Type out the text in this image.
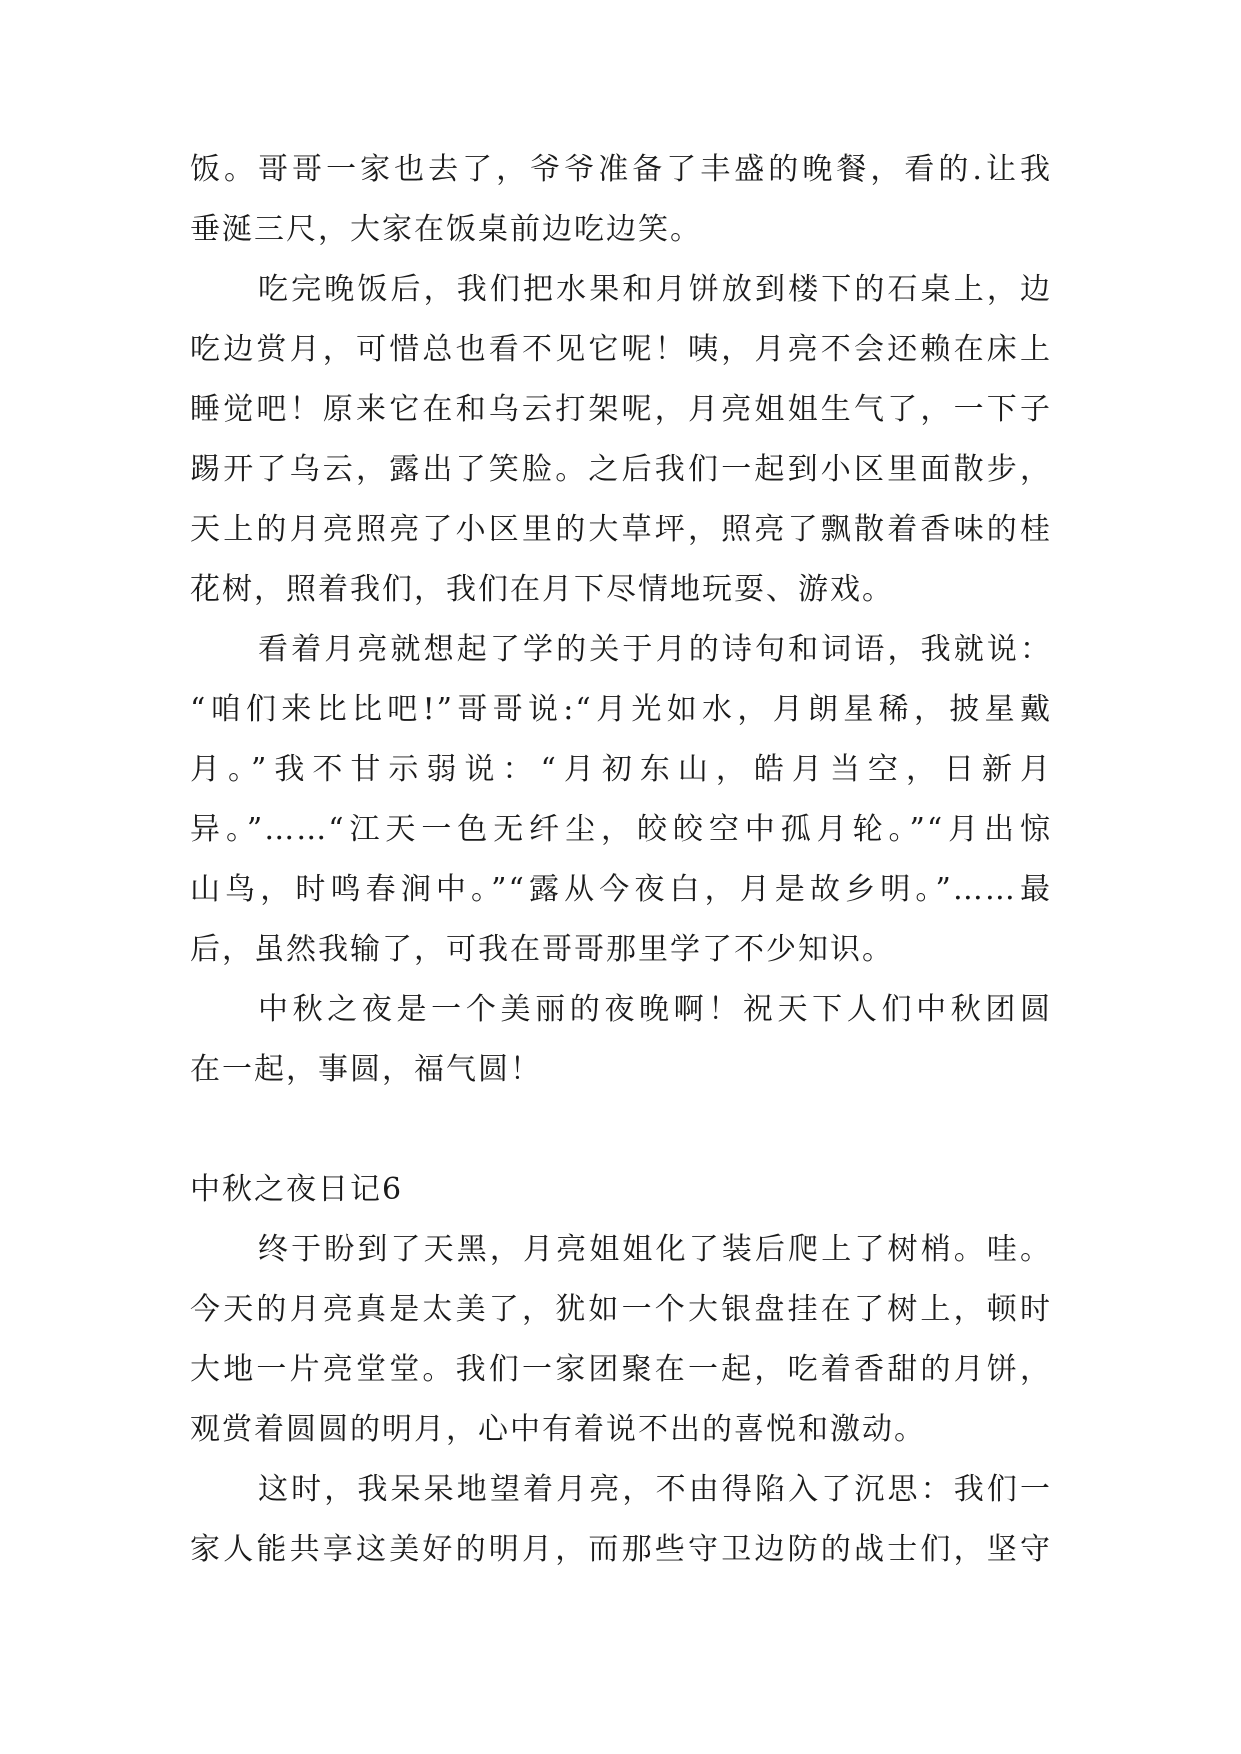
饭。哥哥一家也去了，爷爷准备了丰盛的晚餐，看的.让我
垂涎三尺，大家在饭桌前边吃边笑。
吃完晚饭后，我们把水果和月饼放到楼下的石桌上，边
吃边赏月，可惜总也看不见它呢！咦，月亮不会还赖在床上
睡觉吧！原来它在和乌云打架呢，月亮姐姐生气了，一下子
踢开了乌云，露出了笑脸。之后我们一起到小区里面散步，
天上的月亮照亮了小区里的大草坪，照亮了飘散着香味的桂
花树，照着我们，我们在月下尽情地玩耍、游戏。
看着月亮就想起了学的关于月的诗句和词语，我就说：
“咱们来比比吧!”哥哥说:“月光如水，月朗星稀，披星戴
月。”我不甘示弱说：“月初东山，皓月当空，日新月
异。”……“江天一色无纤尘，皎皎空中孤月轮。”“月出惊
山鸟，时鸣春涧中。”“露从今夜白，月是故乡明。”……最
后，虽然我输了，可我在哥哥那里学了不少知识。
中秋之夜是一个美丽的夜晚啊！祝天下人们中秋团圆
在一起，事圆，福气圆！
中秋之夜日记6
终于盼到了天黑，月亮姐姐化了装后爬上了树梢。哇。
今天的月亮真是太美了，犹如一个大银盘挂在了树上，顿时
大地一片亮堂堂。我们一家团聚在一起，吃着香甜的月饼，
观赏着圆圆的明月，心中有着说不出的喜悦和激动。
这时，我呆呆地望着月亮，不由得陷入了沉思：我们一
家人能共享这美好的明月，而那些守卫边防的战士们，坚守
